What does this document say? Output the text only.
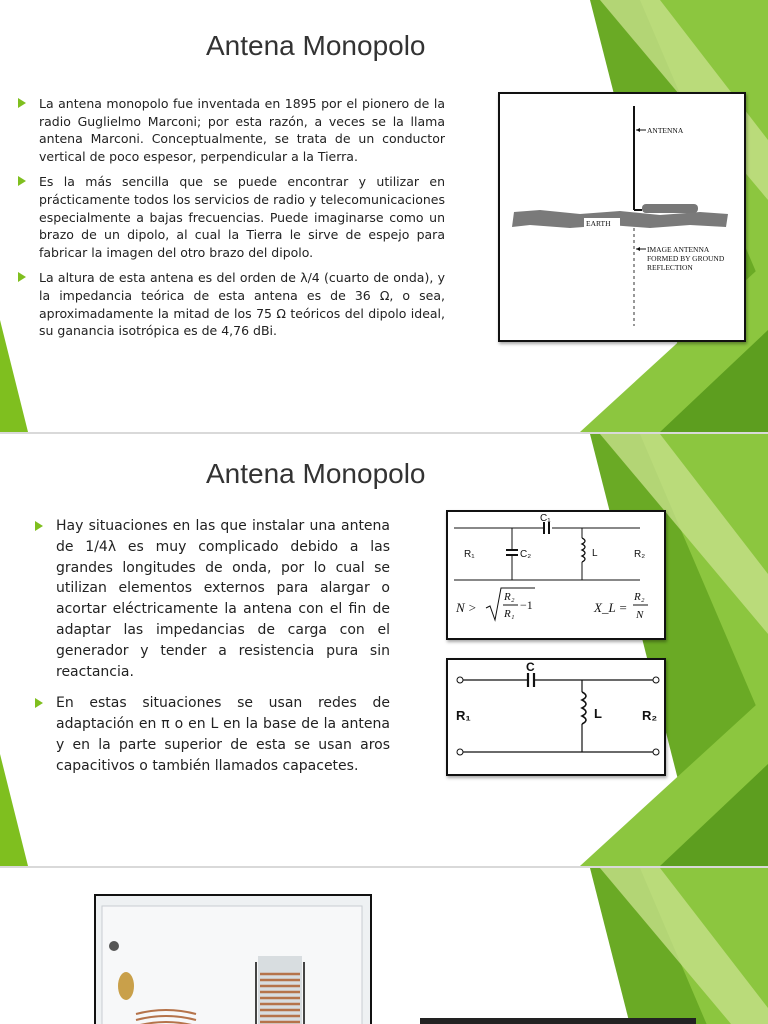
Antena Monopolo
La antena monopolo fue inventada en 1895 por el pionero de la radio Guglielmo Marconi; por esta razón, a veces se la llama antena Marconi. Conceptualmente, se trata de un conductor vertical de poco espesor, perpendicular a la Tierra.
Es la más sencilla que se puede encontrar y utilizar en prácticamente todos los servicios de radio y telecomunicaciones especialmente a bajas frecuencias. Puede imaginarse como un brazo de un dipolo, al cual la Tierra le sirve de espejo para fabricar la imagen del otro brazo del dipolo.
La altura de esta antena es del orden de λ/4 (cuarto de onda), y la impedancia teórica de esta antena es de 36 Ω, o sea, aproximadamente la mitad de los 75 Ω teóricos del dipolo ideal, su ganancia isotrópica es de 4,76 dBi.
EARTH
ANTENNA
IMAGE ANTENNA
FORMED BY GROUND
REFLECTION
Antena Monopolo
Hay situaciones en las que instalar una antena de 1/4λ es muy complicado debido a las grandes longitudes de onda, por lo cual se utilizan elementos externos para alargar o acortar eléctricamente la antena con el fin de adaptar las impedancias de carga con el generador y tender a resistencia pura sin reactancia.
En estas situaciones se usan redes de adaptación en π o en L en la base de la antena y en la parte superior de esta se usan aros capacitivos o también llamados capacetes.
C₁
C₂	L
R₁	R₂
N >
R₂
R₁
−1	X_L =
R₂
N
C
L
R₁	R₂
